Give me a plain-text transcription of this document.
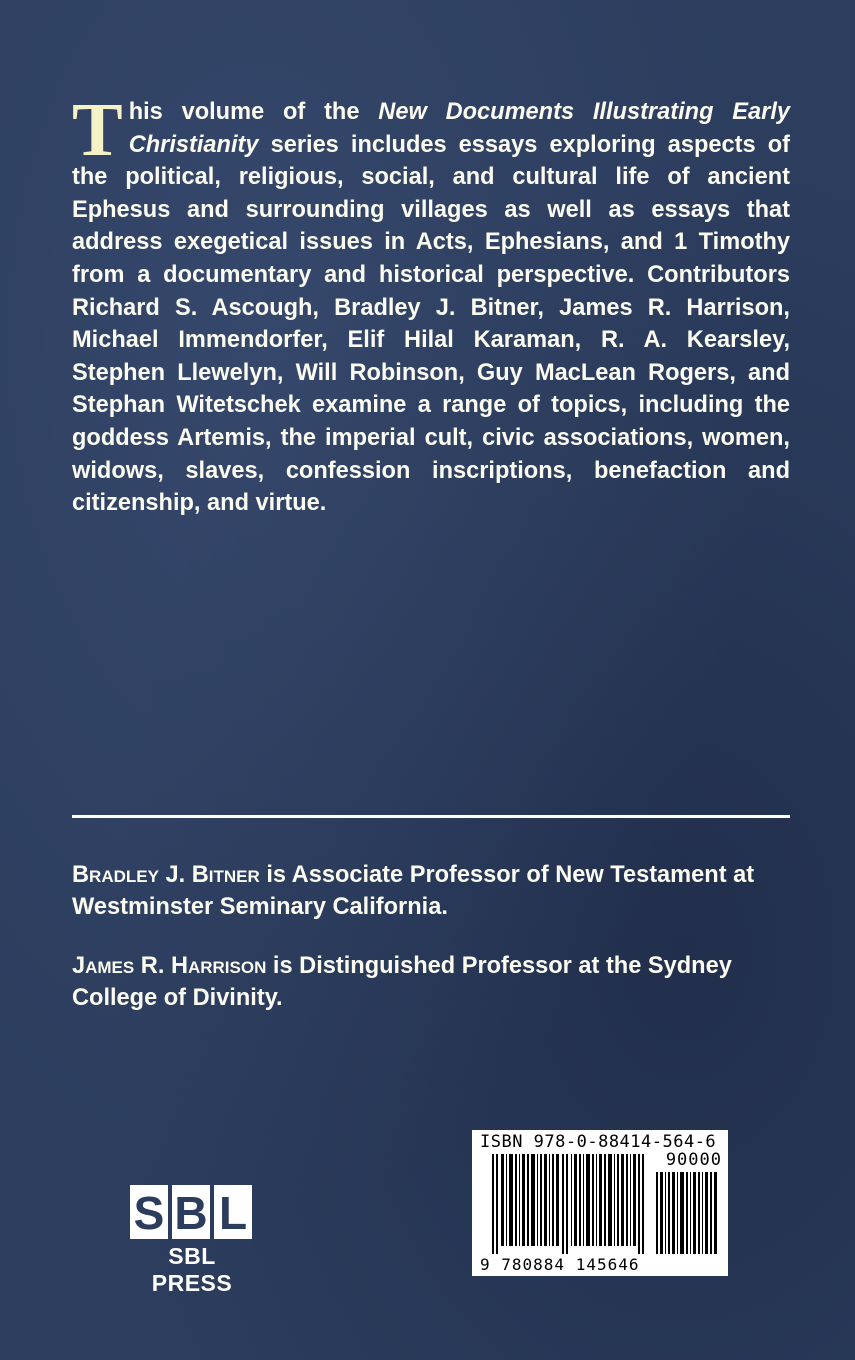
This volume of the New Documents Illustrating Early Christianity series includes essays exploring aspects of the political, religious, social, and cultural life of ancient Ephesus and surrounding villages as well as essays that address exegetical issues in Acts, Ephesians, and 1 Timothy from a documentary and historical perspective. Contributors Richard S. Ascough, Bradley J. Bitner, James R. Harrison, Michael Immendorfer, Elif Hilal Karaman, R. A. Kearsley, Stephen Llewelyn, Will Robinson, Guy MacLean Rogers, and Stephan Witetschek examine a range of topics, including the goddess Artemis, the imperial cult, civic associations, women, widows, slaves, confession inscriptions, benefaction and citizenship, and virtue.
Bradley J. Bitner is Associate Professor of New Testament at Westminster Seminary California.
James R. Harrison is Distinguished Professor at the Sydney College of Divinity.
S B L
SBL PRESS
ISBN 978-0-88414-564-6
90000
9 780884 145646
